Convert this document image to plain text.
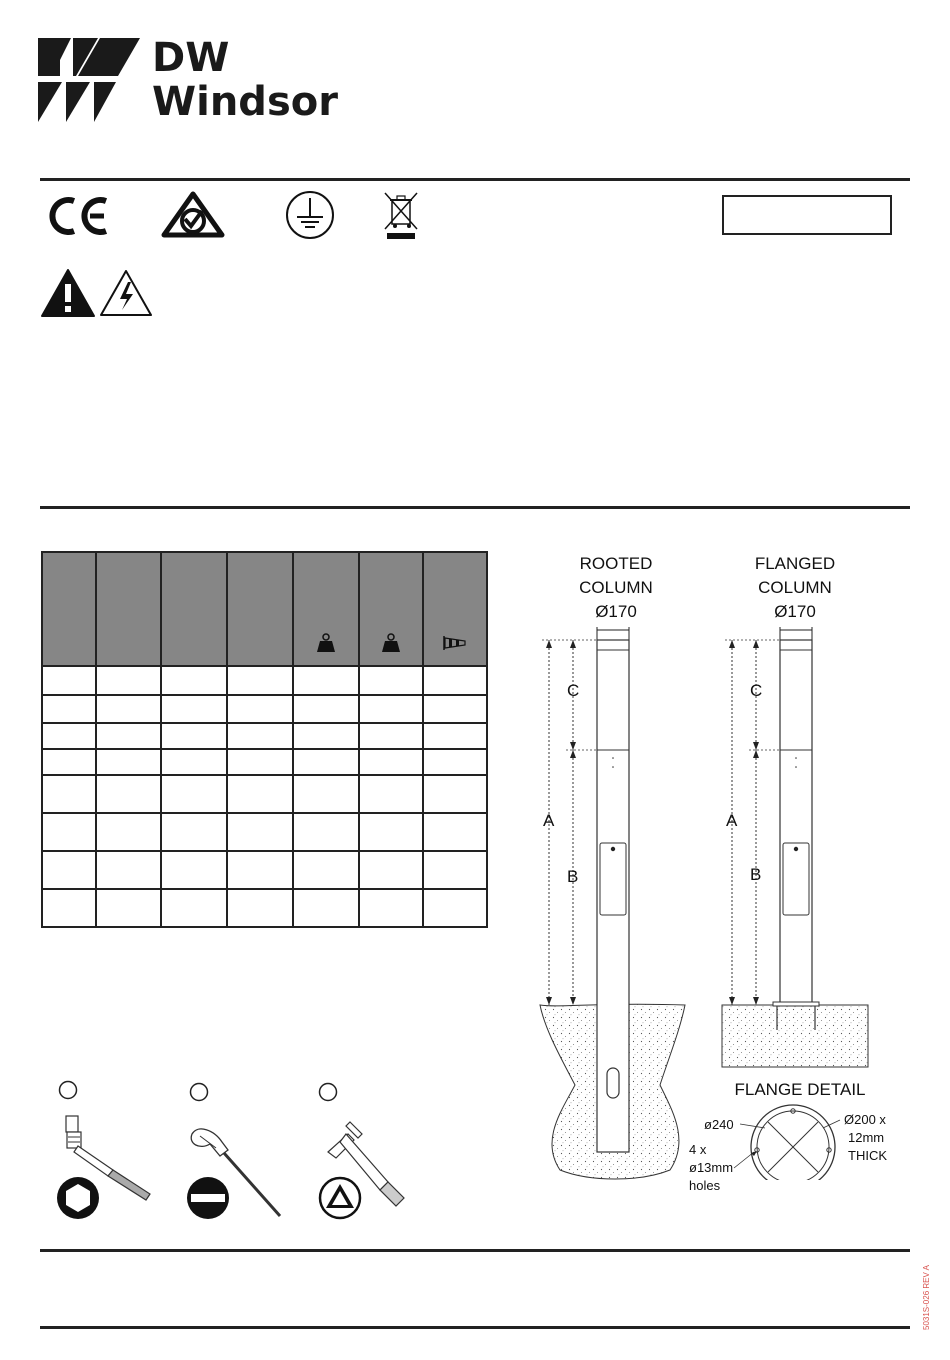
DW
Windsor

ROOTED
COLUMN
Ø170
FLANGED
COLUMN
Ø170
C
A
B
C
A
B
FLANGE DETAIL
ø240	Ø200 x
12mm
THICK
4 x
ø13mm
holes
5031S-026 REV A
